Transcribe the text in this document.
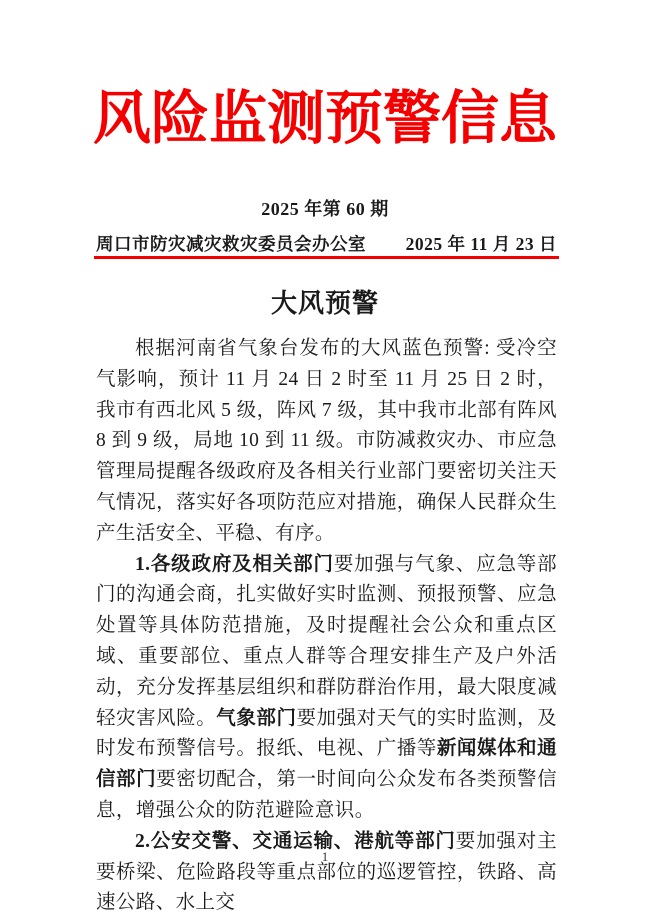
风险监测预警信息
2025 年第 60 期
周口市防灾减灾救灾委员会办公室 2025 年 11 月 23 日
大风预警

根据河南省气象台发布的大风蓝色预警: 受冷空气影响，预计 11 月 24 日 2 时至 11 月 25 日 2 时，我市有西北风 5 级，阵风 7 级，其中我市北部有阵风 8 到 9 级，局地 10 到 11 级。市防减救灾办、市应急管理局提醒各级政府及各相关行业部门要密切关注天气情况，落实好各项防范应对措施，确保人民群众生产生活安全、平稳、有序。

1.各级政府及相关部门要加强与气象、应急等部门的沟通会商，扎实做好实时监测、预报预警、应急处置等具体防范措施，及时提醒社会公众和重点区域、重要部位、重点人群等合理安排生产及户外活动，充分发挥基层组织和群防群治作用，最大限度减轻灾害风险。气象部门要加强对天气的实时监测，及时发布预警信号。报纸、电视、广播等新闻媒体和通信部门要密切配合，第一时间向公众发布各类预警信息，增强公众的防范避险意识。

2.公安交警、交通运输、港航等部门要加强对主要桥梁、危险路段等重点部位的巡逻管控，铁路、高速公路、水上交

1
